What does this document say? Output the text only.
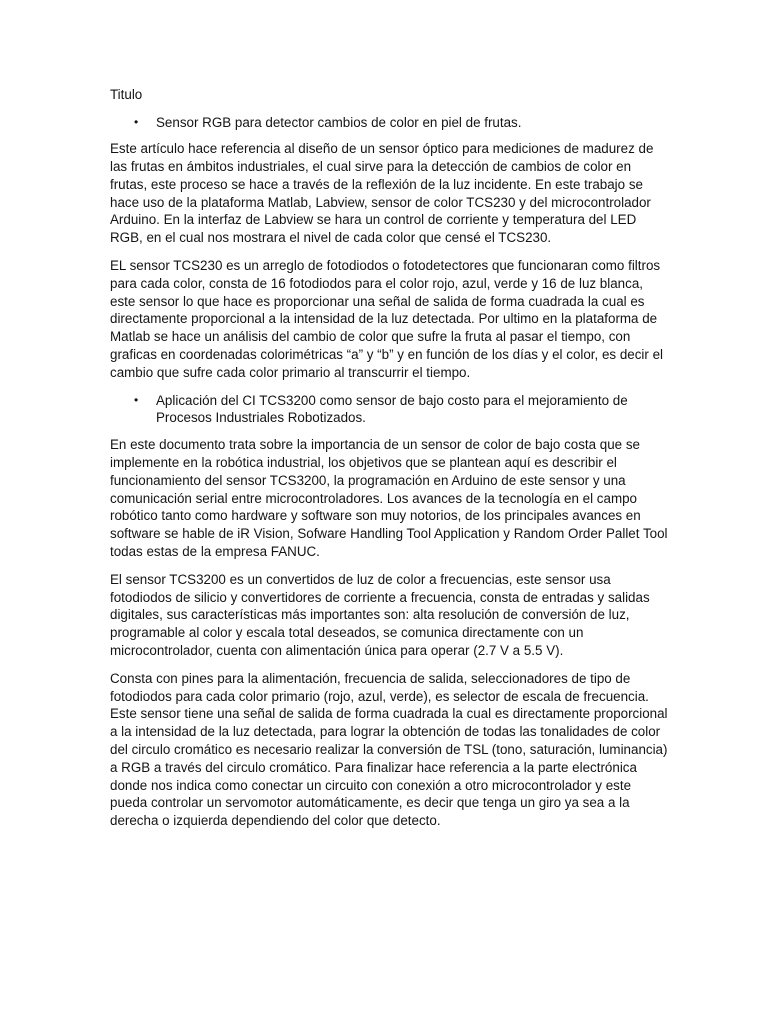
Titulo

•	Sensor RGB para detector cambios de color en piel de frutas.

Este artículo hace referencia al diseño de un sensor óptico para mediciones de madurez de las frutas en ámbitos industriales, el cual sirve para la detección de cambios de color en frutas, este proceso se hace a través de la reflexión de la luz incidente. En este trabajo se hace uso de la plataforma Matlab, Labview, sensor de color TCS230 y del microcontrolador Arduino. En la interfaz de Labview se hara un control de corriente y temperatura del LED RGB, en el cual nos mostrara el nivel de cada color que censé el TCS230.

EL sensor TCS230 es un arreglo de fotodiodos o fotodetectores que funcionaran como filtros para cada color, consta de 16 fotodiodos para el color rojo, azul, verde y 16 de luz blanca, este sensor lo que hace es proporcionar una señal de salida de forma cuadrada la cual es directamente proporcional a la intensidad de la luz detectada. Por ultimo en la plataforma de Matlab se hace un análisis del cambio de color que sufre la fruta al pasar el tiempo, con graficas en coordenadas colorimétricas “a” y “b” y en función de los días y el color, es decir el cambio que sufre cada color primario al transcurrir el tiempo.

•	Aplicación del CI TCS3200 como sensor de bajo costo para el mejoramiento de Procesos Industriales Robotizados.

En este documento trata sobre la importancia de un sensor de color de bajo costa que se implemente en la robótica industrial, los objetivos que se plantean aquí es describir el funcionamiento del sensor TCS3200, la programación en Arduino de este sensor y una comunicación serial entre microcontroladores. Los avances de la tecnología en el campo robótico tanto como hardware y software son muy notorios, de los principales avances en software se hable de iR Vision, Sofware Handling Tool Application y Random Order Pallet Tool todas estas de la empresa FANUC.

El sensor TCS3200 es un convertidos de luz de color a frecuencias, este sensor usa fotodiodos de silicio y convertidores de corriente a frecuencia, consta de entradas y salidas digitales, sus características más importantes son: alta resolución de conversión de luz, programable al color y escala total deseados, se comunica directamente con un microcontrolador, cuenta con alimentación única para operar (2.7 V a 5.5 V).

Consta con pines para la alimentación, frecuencia de salida, seleccionadores de tipo de fotodiodos para cada color primario (rojo, azul, verde), es selector de escala de frecuencia. Este sensor tiene una señal de salida de forma cuadrada la cual es directamente proporcional a la intensidad de la luz detectada, para lograr la obtención de todas las tonalidades de color del circulo cromático es necesario realizar la conversión de TSL (tono, saturación, luminancia) a RGB a través del circulo cromático. Para finalizar hace referencia a la parte electrónica donde nos indica como conectar un circuito con conexión a otro microcontrolador y este pueda controlar un servomotor automáticamente, es decir que tenga un giro ya sea a la derecha o izquierda dependiendo del color que detecto.
